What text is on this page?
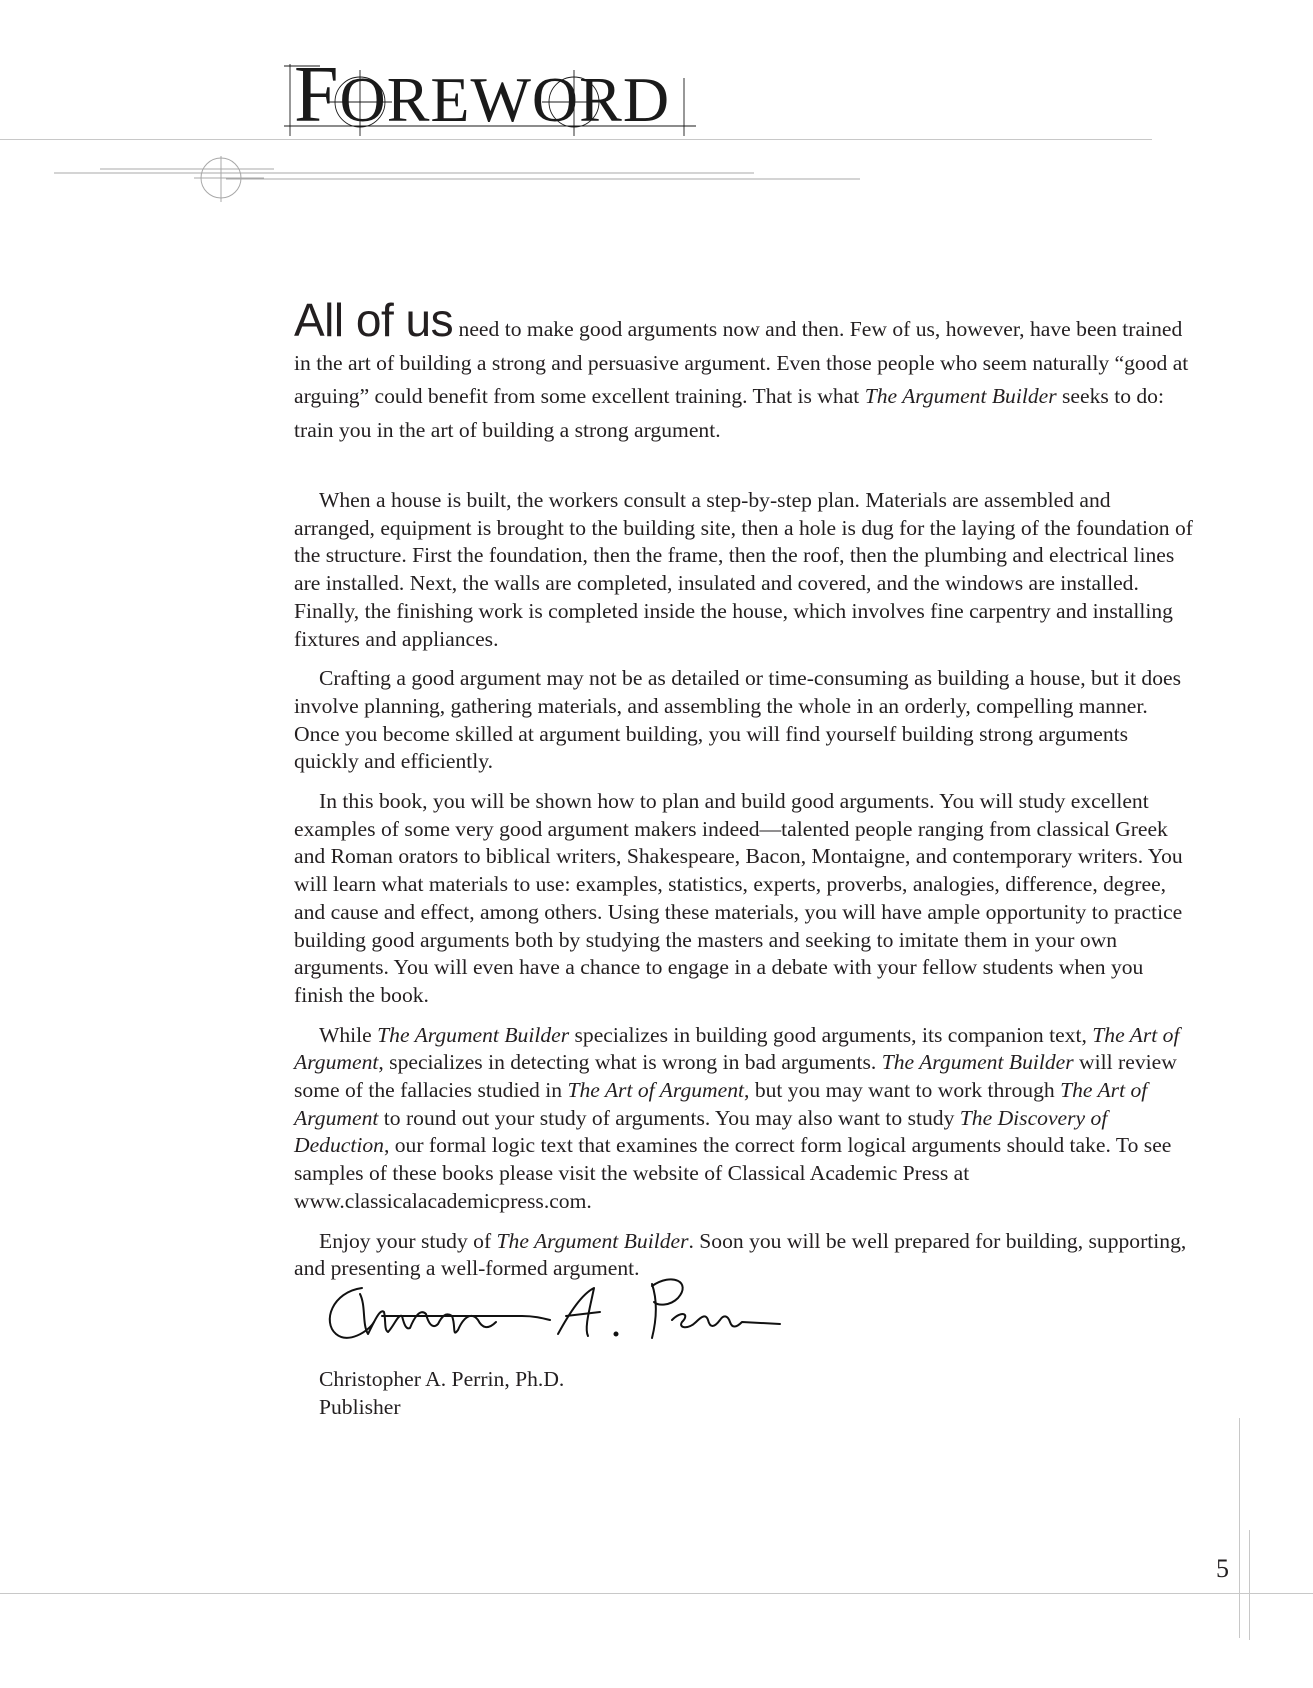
FOREWORD

All of us need to make good arguments now and then. Few of us, however, have been trained in the art of building a strong and persuasive argument. Even those people who seem naturally “good at arguing” could benefit from some excellent training. That is what The Argument Builder seeks to do: train you in the art of building a strong argument.

When a house is built, the workers consult a step-by-step plan. Materials are assembled and arranged, equipment is brought to the building site, then a hole is dug for the laying of the foundation of the structure. First the foundation, then the frame, then the roof, then the plumbing and electrical lines are installed. Next, the walls are completed, insulated and covered, and the windows are installed. Finally, the finishing work is completed inside the house, which involves fine carpentry and installing fixtures and appliances.

Crafting a good argument may not be as detailed or time-consuming as building a house, but it does involve planning, gathering materials, and assembling the whole in an orderly, compelling manner. Once you become skilled at argument building, you will find yourself building strong arguments quickly and efficiently.

In this book, you will be shown how to plan and build good arguments. You will study excellent examples of some very good argument makers indeed—talented people ranging from classical Greek and Roman orators to biblical writers, Shakespeare, Bacon, Montaigne, and contemporary writers. You will learn what materials to use: examples, statistics, experts, proverbs, analogies, difference, degree, and cause and effect, among others. Using these materials, you will have ample opportunity to practice building good arguments both by studying the masters and seeking to imitate them in your own arguments. You will even have a chance to engage in a debate with your fellow students when you finish the book.

While The Argument Builder specializes in building good arguments, its companion text, The Art of Argument, specializes in detecting what is wrong in bad arguments. The Argument Builder will review some of the fallacies studied in The Art of Argument, but you may want to work through The Art of Argument to round out your study of arguments. You may also want to study The Discovery of Deduction, our formal logic text that examines the correct form logical arguments should take. To see samples of these books please visit the website of Classical Academic Press at www.classicalacademicpress.com.

Enjoy your study of The Argument Builder. Soon you will be well prepared for building, supporting, and presenting a well-formed argument.

Christopher A. Perrin, Ph.D.
Publisher
5
